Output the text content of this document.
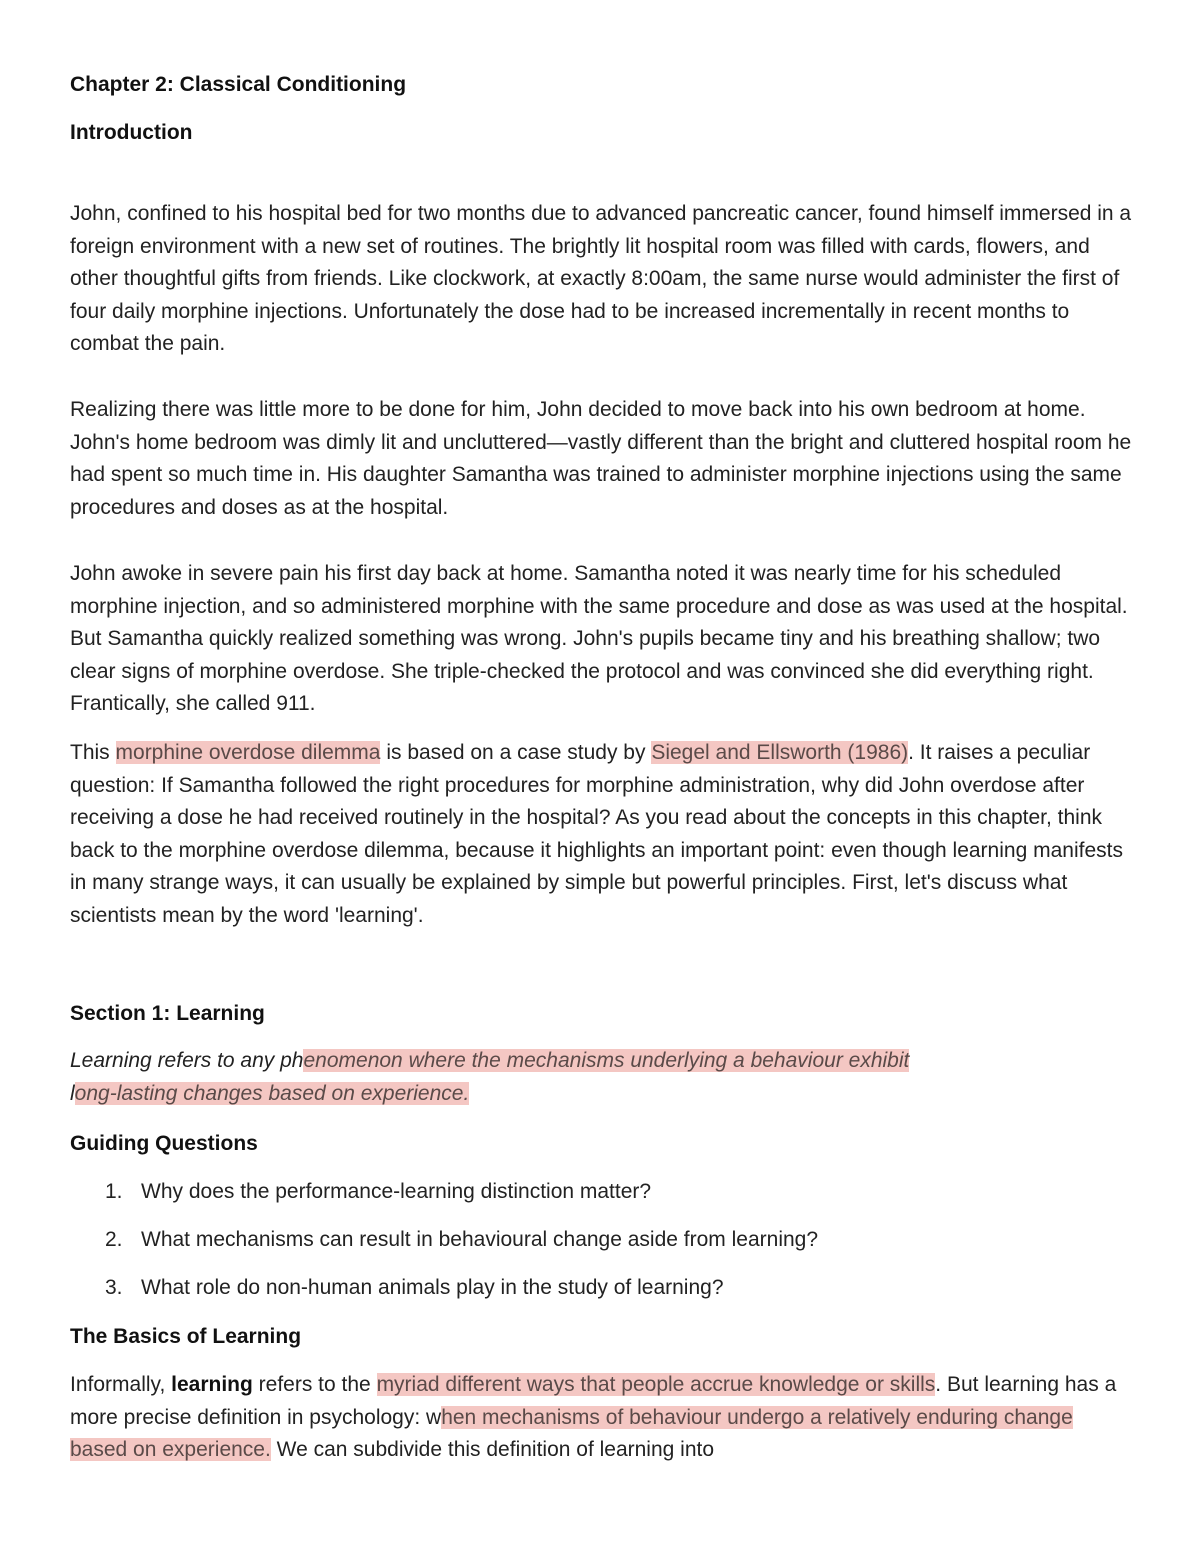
Chapter 2: Classical Conditioning
Introduction

John, confined to his hospital bed for two months due to advanced pancreatic cancer, found himself immersed in a foreign environment with a new set of routines. The brightly lit hospital room was filled with cards, flowers, and other thoughtful gifts from friends. Like clockwork, at exactly 8:00am, the same nurse would administer the first of four daily morphine injections. Unfortunately the dose had to be increased incrementally in recent months to combat the pain.

Realizing there was little more to be done for him, John decided to move back into his own bedroom at home. John's home bedroom was dimly lit and uncluttered—vastly different than the bright and cluttered hospital room he had spent so much time in. His daughter Samantha was trained to administer morphine injections using the same procedures and doses as at the hospital.

John awoke in severe pain his first day back at home. Samantha noted it was nearly time for his scheduled morphine injection, and so administered morphine with the same procedure and dose as was used at the hospital. But Samantha quickly realized something was wrong. John's pupils became tiny and his breathing shallow; two clear signs of morphine overdose. She triple-checked the protocol and was convinced she did everything right. Frantically, she called 911.

This morphine overdose dilemma is based on a case study by Siegel and Ellsworth (1986). It raises a peculiar question: If Samantha followed the right procedures for morphine administration, why did John overdose after receiving a dose he had received routinely in the hospital? As you read about the concepts in this chapter, think back to the morphine overdose dilemma, because it highlights an important point: even though learning manifests in many strange ways, it can usually be explained by simple but powerful principles. First, let's discuss what scientists mean by the word 'learning'.

Section 1: Learning

Learning refers to any phenomenon where the mechanisms underlying a behaviour exhibit
long-lasting changes based on experience.

Guiding Questions
1. Why does the performance-learning distinction matter?
2. What mechanisms can result in behavioural change aside from learning?
3. What role do non-human animals play in the study of learning?
The Basics of Learning

Informally, learning refers to the myriad different ways that people accrue knowledge or skills. But learning has a more precise definition in psychology: when mechanisms of behaviour undergo a relatively enduring change based on experience. We can subdivide this definition of learning into
